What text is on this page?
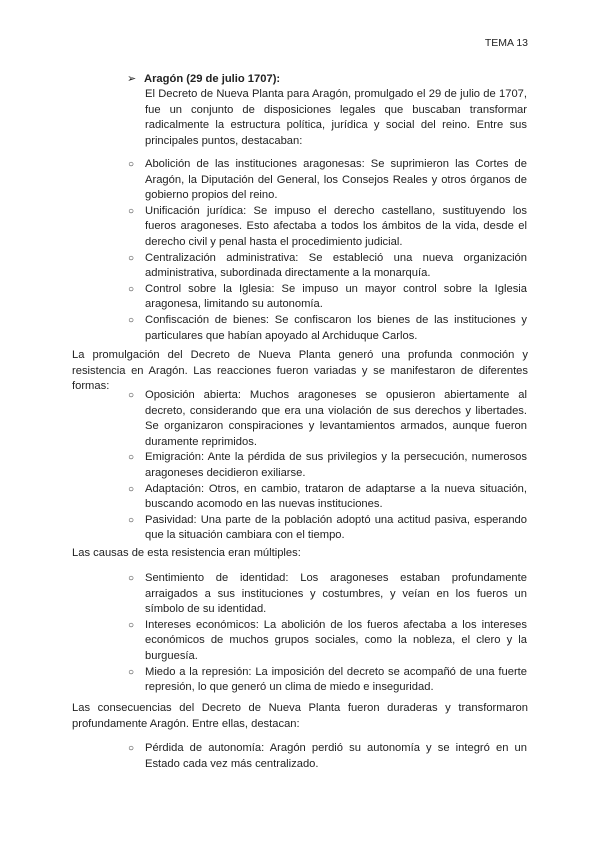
TEMA 13
➢ Aragón (29 de julio 1707):
El Decreto de Nueva Planta para Aragón, promulgado el 29 de julio de 1707, fue un conjunto de disposiciones legales que buscaban transformar radicalmente la estructura política, jurídica y social del reino. Entre sus principales puntos, destacaban:
○ Abolición de las instituciones aragonesas: Se suprimieron las Cortes de Aragón, la Diputación del General, los Consejos Reales y otros órganos de gobierno propios del reino.
○ Unificación jurídica: Se impuso el derecho castellano, sustituyendo los fueros aragoneses. Esto afectaba a todos los ámbitos de la vida, desde el derecho civil y penal hasta el procedimiento judicial.
○ Centralización administrativa: Se estableció una nueva organización administrativa, subordinada directamente a la monarquía.
○ Control sobre la Iglesia: Se impuso un mayor control sobre la Iglesia aragonesa, limitando su autonomía.
○ Confiscación de bienes: Se confiscaron los bienes de las instituciones y particulares que habían apoyado al Archiduque Carlos.
La promulgación del Decreto de Nueva Planta generó una profunda conmoción y resistencia en Aragón. Las reacciones fueron variadas y se manifestaron de diferentes formas:
○ Oposición abierta: Muchos aragoneses se opusieron abiertamente al decreto, considerando que era una violación de sus derechos y libertades. Se organizaron conspiraciones y levantamientos armados, aunque fueron duramente reprimidos.
○ Emigración: Ante la pérdida de sus privilegios y la persecución, numerosos aragoneses decidieron exiliarse.
○ Adaptación: Otros, en cambio, trataron de adaptarse a la nueva situación, buscando acomodo en las nuevas instituciones.
○ Pasividad: Una parte de la población adoptó una actitud pasiva, esperando que la situación cambiara con el tiempo.
Las causas de esta resistencia eran múltiples:
○ Sentimiento de identidad: Los aragoneses estaban profundamente arraigados a sus instituciones y costumbres, y veían en los fueros un símbolo de su identidad.
○ Intereses económicos: La abolición de los fueros afectaba a los intereses económicos de muchos grupos sociales, como la nobleza, el clero y la burguesía.
○ Miedo a la represión: La imposición del decreto se acompañó de una fuerte represión, lo que generó un clima de miedo e inseguridad.
Las consecuencias del Decreto de Nueva Planta fueron duraderas y transformaron profundamente Aragón. Entre ellas, destacan:
○ Pérdida de autonomía: Aragón perdió su autonomía y se integró en un Estado cada vez más centralizado.
